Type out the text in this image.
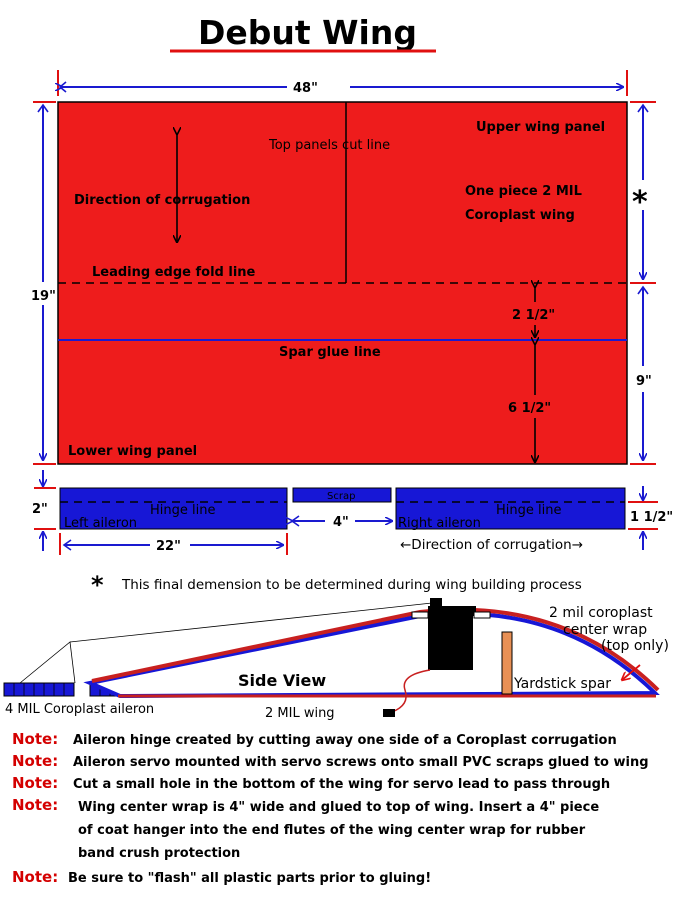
Debut Wing
48"
Top panels cut line
Upper wing panel
Direction of corrugation
One piece 2 MIL
Coroplast wing
Leading edge fold line
Spar glue line
Lower wing panel
2 1/2"
6 1/2"
19"
*
9"
2"	Hinge line
Left aileron
Scrap
Hinge line
Right aileron
4"
22"	←Direction of corrugation→
1 1/2"
* This final demension to be determined during wing building process
Side View
2 mil coroplast
center wrap
(top only)
Yardstick spar
4 MIL Coroplast aileron	2 MIL wing
Note: Aileron hinge created by cutting away one side of a Coroplast corrugation
Note: Aileron servo mounted with servo screws onto small PVC scraps glued to wing
Note: Cut a small hole in the bottom of the wing for servo lead to pass through
Note: Wing center wrap is 4" wide and glued to top of wing. Insert a 4" piece
of coat hanger into the end flutes of the wing center wrap for rubber
band crush protection
Note: Be sure to "flash" all plastic parts prior to gluing!
